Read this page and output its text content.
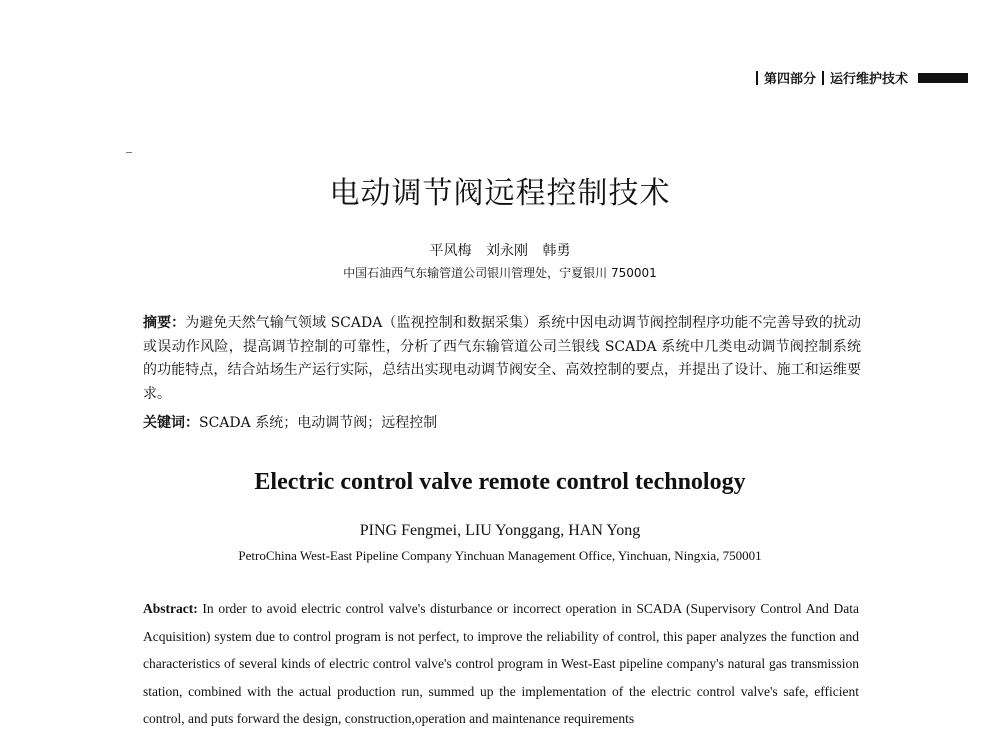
第四部分 运行维护技术
电动调节阀远程控制技术
平风梅 刘永刚 韩勇
中国石油西气东输管道公司银川管理处，宁夏银川 750001
摘要：为避免天然气输气领域 SCADA（监视控制和数据采集）系统中因电动调节阀控制程序功能不完善导致的扰动或误动作风险，提高调节控制的可靠性，分析了西气东输管道公司兰银线 SCADA 系统中几类电动调节阀控制系统的功能特点，结合站场生产运行实际，总结出实现电动调节阀安全、高效控制的要点，并提出了设计、施工和运维要求。
关键词：SCADA 系统；电动调节阀；远程控制
Electric control valve remote control technology
PING Fengmei, LIU Yonggang, HAN Yong
PetroChina West-East Pipeline Company Yinchuan Management Office, Yinchuan, Ningxia, 750001
Abstract: In order to avoid electric control valve's disturbance or incorrect operation in SCADA (Supervisory Control And Data Acquisition) system due to control program is not perfect, to improve the reliability of control, this paper analyzes the function and characteristics of several kinds of electric control valve's control program in West-East pipeline company's natural gas transmission station, combined with the actual production run, summed up the implementation of the electric control valve's safe, efficient control, and puts forward the design, construction,operation and maintenance requirements
